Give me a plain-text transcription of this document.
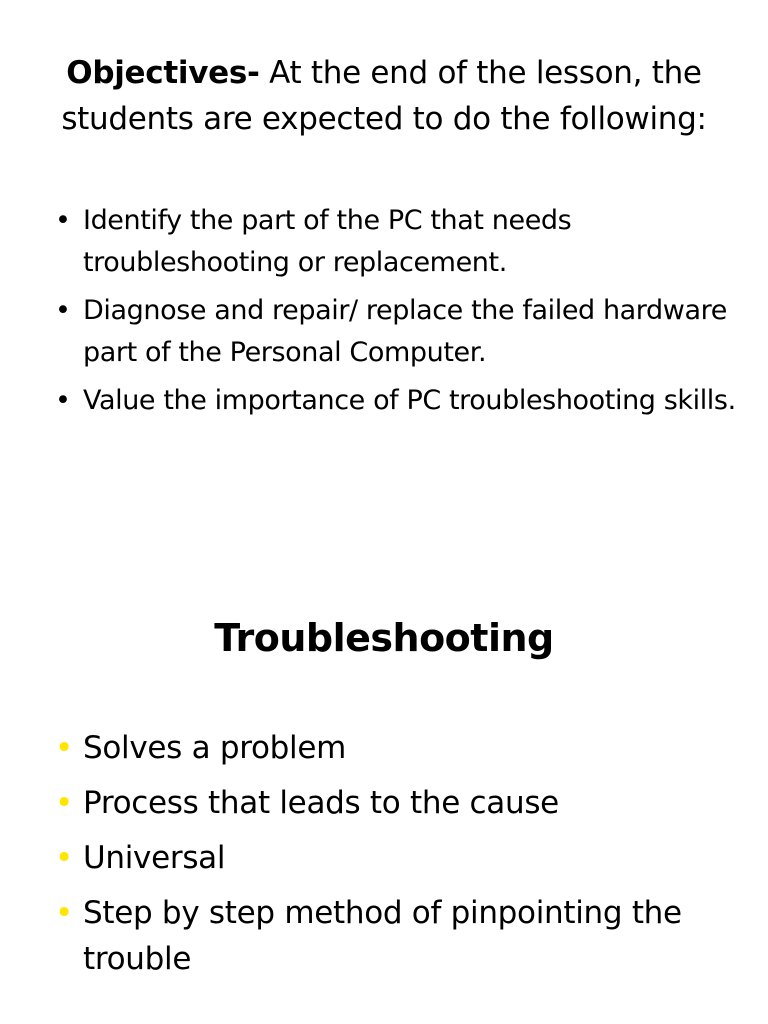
Objectives- At the end of the lesson, the students are expected to do the following:
• Identify the part of the PC that needs troubleshooting or replacement.
• Diagnose and repair/ replace the failed hardware part of the Personal Computer.
• Value the importance of PC troubleshooting skills.
Troubleshooting
• Solves a problem
• Process that leads to the cause
• Universal
• Step by step method of pinpointing the trouble
